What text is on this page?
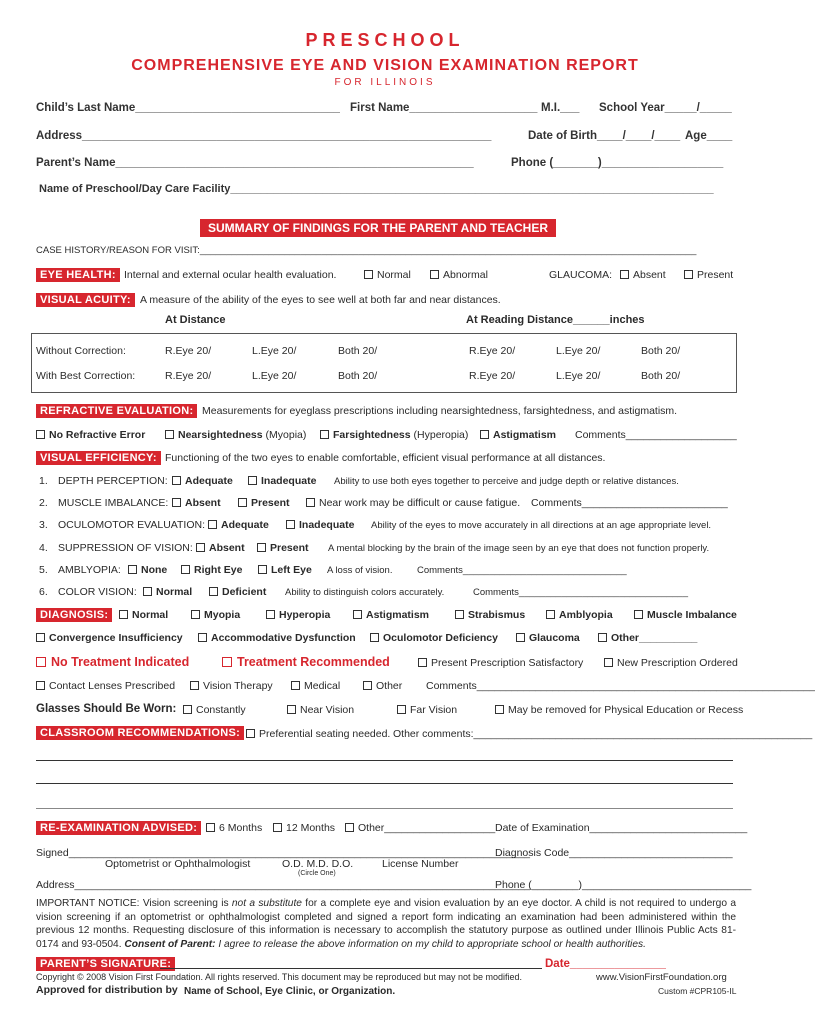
PRESCHOOL
COMPREHENSIVE EYE AND VISION EXAMINATION REPORT
FOR ILLINOIS
Child’s Last Name________________________________ First Name____________________ M.I.___ School Year_____/_____
Address________________________________________________________________	Date of Birth____/____/____ Age____
Parent’s Name________________________________________________________	Phone (_______)___________________
Name of Preschool/Day Care Facility_______________________________________________________________________________
SUMMARY OF FINDINGS FOR THE PARENT AND TEACHER
CASE HISTORY/REASON FOR VISIT:______________________________________________________________________________________________
EYE HEALTH: Internal and external ocular health evaluation.	Normal	Abnormal	GLAUCOMA:	Absent	Present
VISUAL ACUITY: A measure of the ability of the eyes to see well at both far and near distances.
At Distance	At Reading Distance______inches
Without Correction:	R.Eye 20/	L.Eye 20/	Both 20/	R.Eye 20/	L.Eye 20/	Both 20/
With Best Correction:	R.Eye 20/	L.Eye 20/	Both 20/	R.Eye 20/	L.Eye 20/	Both 20/
REFRACTIVE EVALUATION: Measurements for eyeglass prescriptions including nearsightedness, farsightedness, and astigmatism.
No Refractive Error	Nearsightedness (Myopia)	Farsightedness (Hyperopia)	Astigmatism Comments___________________
VISUAL EFFICIENCY: Functioning of the two eyes to enable comfortable, efficient visual performance at all distances.
1. DEPTH PERCEPTION:	Adequate	Inadequate Ability to use both eyes together to perceive and judge depth or relative distances.
2. MUSCLE IMBALANCE:	Absent	Present	Near work may be difficult or cause fatigue. Comments_________________________
3. OCULOMOTOR EVALUATION:	Adequate	Inadequate Ability of the eyes to move accurately in all directions at an age appropriate level.
4. SUPPRESSION OF VISION:	Absent	Present A mental blocking by the brain of the image seen by an eye that does not function properly.
5. AMBLYOPIA:	None	Right Eye	Left Eye A loss of vision.	Comments_______________________________
6. COLOR VISION:	Normal	Deficient Ability to distinguish colors accurately.	Comments________________________________
DIAGNOSIS:	Normal	Myopia	Hyperopia	Astigmatism	Strabismus	Amblyopia	Muscle Imbalance
Convergence Insufficiency	Accommodative Dysfunction	Oculomotor Deficiency	Glaucoma	Other__________
No Treatment Indicated	Treatment Recommended	Present Prescription Satisfactory	New Prescription Ordered
Contact Lenses Prescribed	Vision Therapy	Medical	Other Comments__________________________________________________________
Glasses Should Be Worn:	Constantly	Near Vision	Far Vision	May be removed for Physical Education or Recess
CLASSROOM RECOMMENDATIONS:	Preferential seating needed. Other comments:__________________________________________________________
RE-EXAMINATION ADVISED:	6 Months	12 Months	Other___________________ Date of Examination___________________________
Signed_______________________________________________________________________________
Diagnosis Code____________________________
Optometrist or Ophthalmologist	O.D. M.D. D.O.
(Circle One)
License Number
Address______________________________________________________________________________
Phone (________)_____________________________
IMPORTANT NOTICE: Vision screening is not a substitute for a complete eye and vision evaluation by an eye doctor. A child is not required to undergo a vision screening if an optometrist or ophthalmologist completed and signed a report form indicating an examination had been administered within the previous 12 months. Requesting disclosure of this information is necessary to accomplish the statutory purpose as outlined under Illinois Public Acts 81-0174 and 93-0504. Consent of Parent: I agree to release the above information on my child to appropriate school or health authorities.
PARENT’S SIGNATURE:	Date_______________
Copyright © 2008 Vision First Foundation. All rights reserved. This document may be reproduced but may not be modified.	www.VisionFirstFoundation.org
Approved for distribution by Name of School, Eye Clinic, or Organization.	Custom #CPR105-IL
